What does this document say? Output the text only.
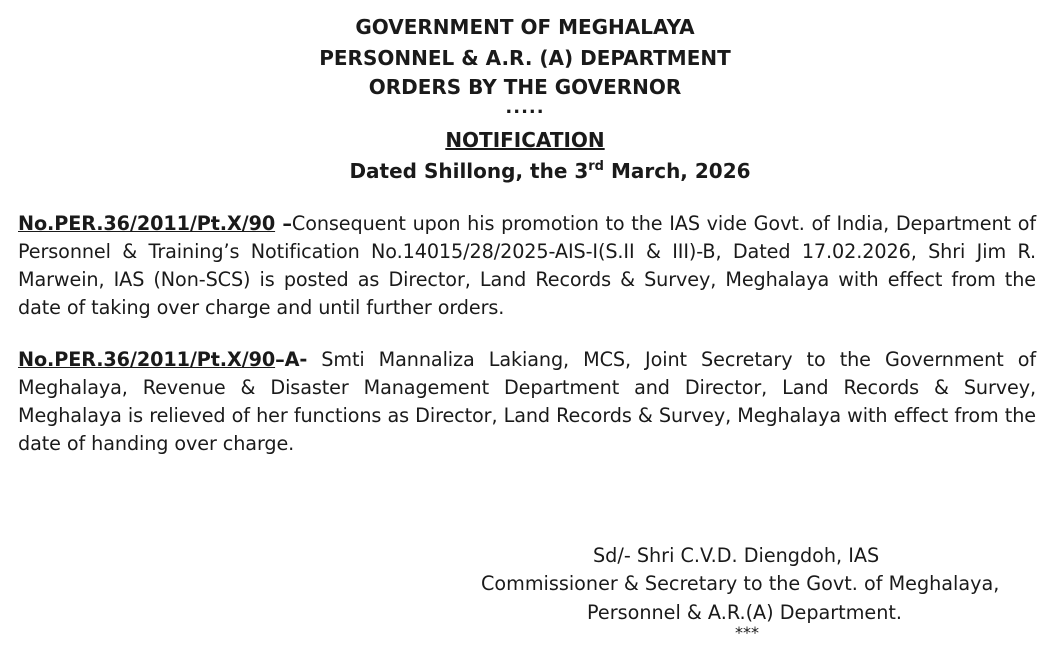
GOVERNMENT OF MEGHALAYA
PERSONNEL & A.R. (A) DEPARTMENT
ORDERS BY THE GOVERNOR
.....
NOTIFICATION
Dated Shillong, the 3rd March, 2026
No.PER.36/2011/Pt.X/90 –Consequent upon his promotion to the IAS vide Govt. of India, Department of Personnel & Training’s Notification No.14015/28/2025-AIS-I(S.II & III)-B, Dated 17.02.2026, Shri Jim R. Marwein, IAS (Non-SCS) is posted as Director, Land Records & Survey, Meghalaya with effect from the date of taking over charge and until further orders.
No.PER.36/2011/Pt.X/90–A- Smti Mannaliza Lakiang, MCS, Joint Secretary to the Government of Meghalaya, Revenue & Disaster Management Department and Director, Land Records & Survey, Meghalaya is relieved of her functions as Director, Land Records & Survey, Meghalaya with effect from the date of handing over charge.
Sd/- Shri C.V.D. Diengdoh, IAS
Commissioner & Secretary to the Govt. of Meghalaya,
Personnel & A.R.(A) Department.
***
